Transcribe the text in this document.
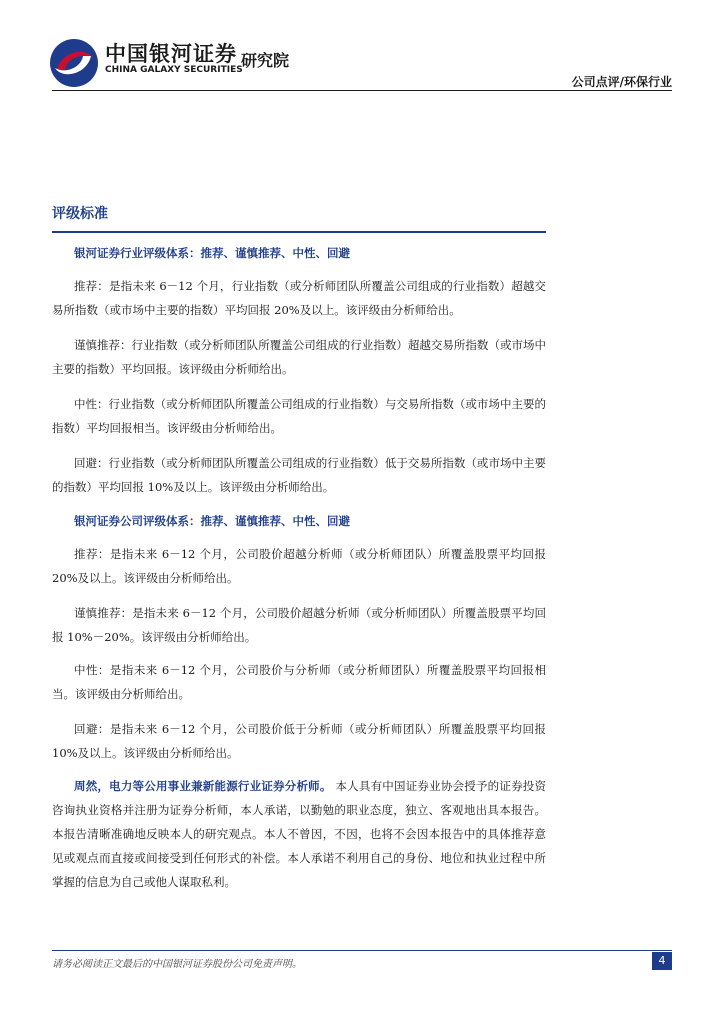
中国银河证券
CHINA GALAXY SECURITIES
研究院
公司点评/环保行业
评级标准
银河证券行业评级体系：推荐、谨慎推荐、中性、回避
推荐：是指未来 6－12 个月，行业指数（或分析师团队所覆盖公司组成的行业指数）超越交易所指数（或市场中主要的指数）平均回报 20%及以上。该评级由分析师给出。
谨慎推荐：行业指数（或分析师团队所覆盖公司组成的行业指数）超越交易所指数（或市场中主要的指数）平均回报。该评级由分析师给出。
中性：行业指数（或分析师团队所覆盖公司组成的行业指数）与交易所指数（或市场中主要的指数）平均回报相当。该评级由分析师给出。
回避：行业指数（或分析师团队所覆盖公司组成的行业指数）低于交易所指数（或市场中主要的指数）平均回报 10%及以上。该评级由分析师给出。
银河证券公司评级体系：推荐、谨慎推荐、中性、回避
推荐：是指未来 6－12 个月，公司股价超越分析师（或分析师团队）所覆盖股票平均回报 20%及以上。该评级由分析师给出。
谨慎推荐：是指未来 6－12 个月，公司股价超越分析师（或分析师团队）所覆盖股票平均回报 10%－20%。该评级由分析师给出。
中性：是指未来 6－12 个月，公司股价与分析师（或分析师团队）所覆盖股票平均回报相当。该评级由分析师给出。
回避：是指未来 6－12 个月，公司股价低于分析师（或分析师团队）所覆盖股票平均回报 10%及以上。该评级由分析师给出。
周然，电力等公用事业兼新能源行业证券分析师。 本人具有中国证券业协会授予的证券投资咨询执业资格并注册为证券分析师，本人承诺，以勤勉的职业态度，独立、客观地出具本报告。本报告清晰准确地反映本人的研究观点。本人不曾因，不因，也将不会因本报告中的具体推荐意见或观点而直接或间接受到任何形式的补偿。本人承诺不利用自己的身份、地位和执业过程中所掌握的信息为自己或他人谋取私利。
请务必阅读正文最后的中国银河证券股份公司免责声明。	4
